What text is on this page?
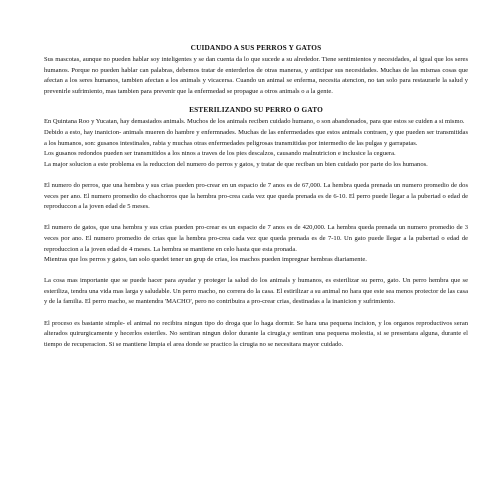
CUIDANDO A SUS PERROS Y GATOS

Sus mascotas, aunque no pueden hablar soy inteligentes y se dan cuenta da lo que sucede a su alrededor. Tiene sentimientos y necesidades, al igual que los seres humanos. Porque no pueden hablar can palabras, debemos tratar de enterderlos de otras maneras, y anticipar sus necesidades. Muchas de las mismas cosas que afectan a los seres humanos, tambien afectan a los animals y vicacersa. Cuando un animal se enferma, necesita atencion, no tan solo para restaurarle la salud y prevenirle sufrimiento, mas tambien para prevenir que la enfermedad se propague a otros animals o a la gente.

ESTERILIZANDO SU PERRO O GATO

En Quintana Roo y Yucatan, hay demasiados animals. Muchos de los animals reciben cuidado humano, o son abandonados, para que estos se cuiden a si mismo.

Debido a esto, hay inanicion- animals mueren do hambre y enfermnades. Muchas de las enfermedades que estos animals contraen, y que pueden ser transmitidas a los humanos, son: gusanos intestinales, rabia y muchas otras enfermedades peligrosas transmitidas por intermedio de las pulgas y garrapatas.

Los gusanos redondos pueden ser transmitidos a los ninos a traves de los pies descalzos, causando malnutricion e inclusice la ceguera.

La major solucion a este problema es la reduccion del numero do perros y gatos, y tratar de que reciban un bien cuidado por parte do los humanos.

El numero do perros, que una hembra y sus crias pueden pro-crear en un espacio de 7 anos es de 67,000. La hembra queda prenada un numero promedio de dos veces per ano. El numero promedio do chachorros que la hembra pro-crea cada vez que queda prenada es de 6-10. El perro puede llegar a la pubertad o edad de reproduccon a la joven edad de 5 meses.

El numero de gatos, que una hembra y sus crias pueden pro-crear es un espacio de 7 anos es de 420,000. La hembra queda prenada un numero promedio de 3 veces por ano. El numero promedio de crias que la hembra pro-crea cada vez que queda prenada es de 7-10. Un gato puede llegar a la pubertad o edad de reproduccion a la joven edad de 4 meses. La hembra se mantiene en celo hasta que esta pronada.

Mientras que los perros y gatos, tan solo quedet tener un grup de crias, los machos pueden impregnar hembras diariamente.

La cosa mas importante que se puede hacer para ayudar y proteger la salud do los animals y humanos, es esterilizar su perro, gato. Un perro hembra que se esteriliza, tendra una vida mas larga y saludable. Un perro macho, no correra do la casa. El estirilizar a su animal no hara que este sea menos protector de las casa y de la familia. El perro macho, se mantendra 'MACHO', pero no contribuira a pro-crear crias, destinadas a la inanicion y sufrimiento.

El proceso es bastante simple- el animal no recibira ningun tipo do droga que lo haga dormir. Se hara una pequena incision, y los organos reproductivos seran alterados quirurgicamente y hecerlos esteriles. No sentiran ningun dolor durante la cirugia,y sentiran una pequena molestia, si se presentara alguna, durante el tiempo de recuperacion. Si se mantiene limpia el area donde se practico la cirugia no se necesitara mayor cuidado.
